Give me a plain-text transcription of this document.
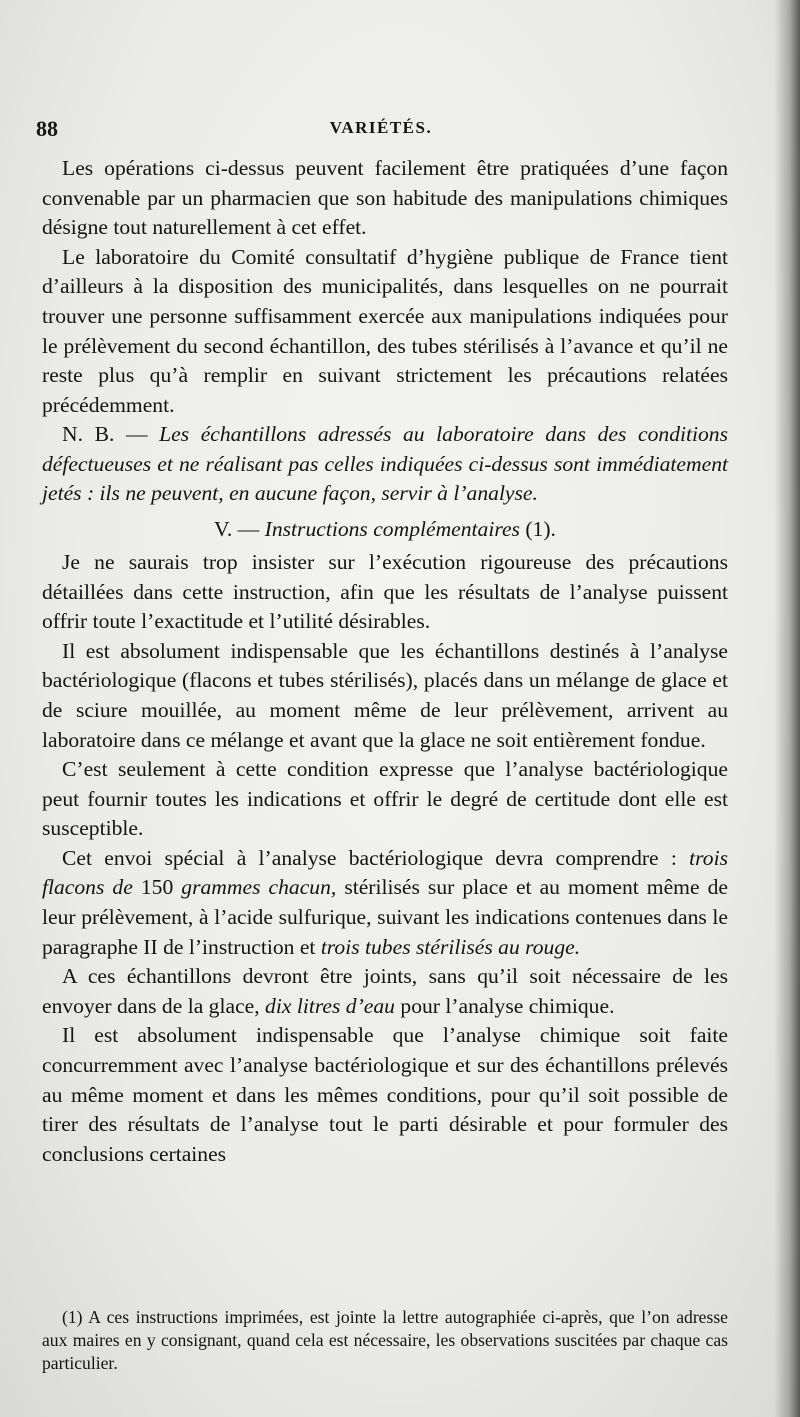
88	VARIÉTÉS.

Les opérations ci-dessus peuvent facilement être pratiquées d’une façon convenable par un pharmacien que son habitude des manipulations chimiques désigne tout naturellement à cet effet.

Le laboratoire du Comité consultatif d’hygiène publique de France tient d’ailleurs à la disposition des municipalités, dans lesquelles on ne pourrait trouver une personne suffisamment exercée aux manipulations indiquées pour le prélèvement du second échantillon, des tubes stérilisés à l’avance et qu’il ne reste plus qu’à remplir en suivant strictement les précautions relatées précédemment.

N. B. — Les échantillons adressés au laboratoire dans des conditions défectueuses et ne réalisant pas celles indiquées ci-dessus sont immédiatement jetés : ils ne peuvent, en aucune façon, servir à l’analyse.

V. — Instructions complémentaires (1).

Je ne saurais trop insister sur l’exécution rigoureuse des précautions détaillées dans cette instruction, afin que les résultats de l’analyse puissent offrir toute l’exactitude et l’utilité désirables.

Il est absolument indispensable que les échantillons destinés à l’analyse bactériologique (flacons et tubes stérilisés), placés dans un mélange de glace et de sciure mouillée, au moment même de leur prélèvement, arrivent au laboratoire dans ce mélange et avant que la glace ne soit entièrement fondue.

C’est seulement à cette condition expresse que l’analyse bactériologique peut fournir toutes les indications et offrir le degré de certitude dont elle est susceptible.

Cet envoi spécial à l’analyse bactériologique devra comprendre : trois flacons de 150 grammes chacun, stérilisés sur place et au moment même de leur prélèvement, à l’acide sulfurique, suivant les indications contenues dans le paragraphe II de l’instruction et trois tubes stérilisés au rouge.

A ces échantillons devront être joints, sans qu’il soit nécessaire de les envoyer dans de la glace, dix litres d’eau pour l’analyse chimique.

Il est absolument indispensable que l’analyse chimique soit faite concurremment avec l’analyse bactériologique et sur des échantillons prélevés au même moment et dans les mêmes conditions, pour qu’il soit possible de tirer des résultats de l’analyse tout le parti désirable et pour formuler des conclusions certaines

(1) A ces instructions imprimées, est jointe la lettre autographiée ci-après, que l’on adresse aux maires en y consignant, quand cela est nécessaire, les observations suscitées par chaque cas particulier.
